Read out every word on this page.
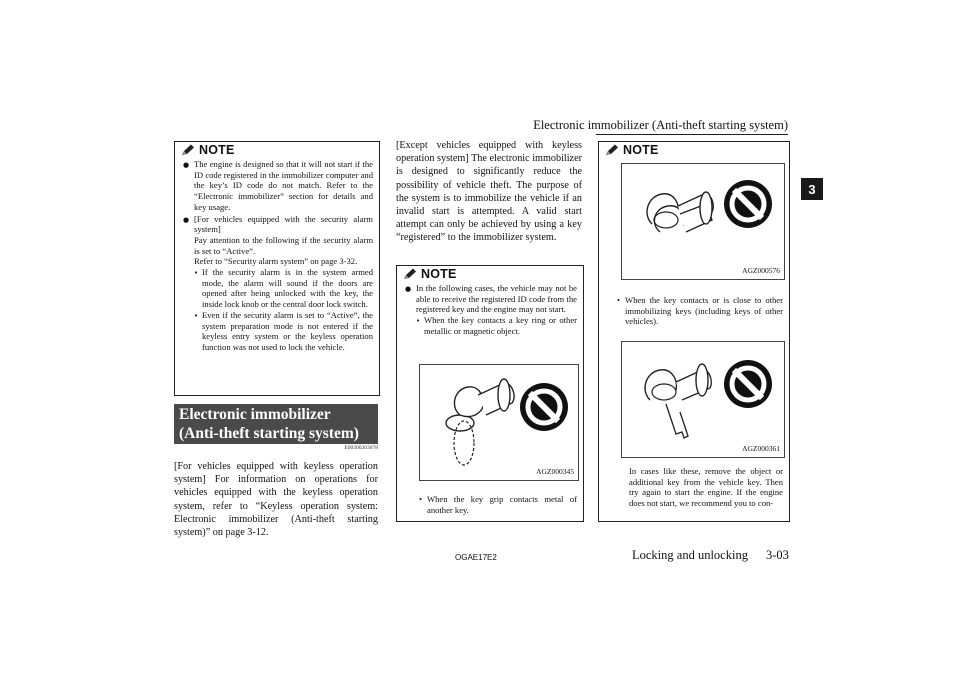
Electronic immobilizer (Anti-theft starting system)
3
NOTE
● The engine is designed so that it will not start if the ID code registered in the immobilizer computer and the key’s ID code do not match. Refer to the “Electronic immobilizer” section for details and key usage.
● [For vehicles equipped with the security alarm system]
Pay attention to the following if the security alarm is set to “Active”.
Refer to “Security alarm system” on page 3-32.
• If the security alarm is in the system armed mode, the alarm will sound if the doors are opened after being unlocked with the key, the inside lock knob or the central door lock switch.
• Even if the security alarm is set to “Active”, the system preparation mode is not entered if the keyless entry system or the keyless operation function was not used to lock the vehicle.
Electronic immobilizer
(Anti-theft starting system)
E00300203078
[For vehicles equipped with keyless operation system] For information on operations for vehicles equipped with the keyless operation system, refer to “Keyless operation system: Electronic immobilizer (Anti-theft starting system)” on page 3-12.
[Except vehicles equipped with keyless operation system] The electronic immobilizer is designed to significantly reduce the possibility of vehicle theft. The purpose of the system is to immobilize the vehicle if an invalid start is attempted. A valid start attempt can only be achieved by using a key “registered” to the immobilizer system.
NOTE
● In the following cases, the vehicle may not be able to receive the registered ID code from the registered key and the engine may not start.
• When the key contacts a key ring or other metallic or magnetic object.
AGZ000345
• When the key grip contacts metal of another key.
NOTE
AGZ000576
• When the key contacts or is close to other immobilizing keys (including keys of other vehicles).
AGZ000361
In cases like these, remove the object or additional key from the vehicle key. Then try again to start the engine. If the engine does not start, we recommend you to con-
OGAE17E2	Locking and unlocking 3-03
